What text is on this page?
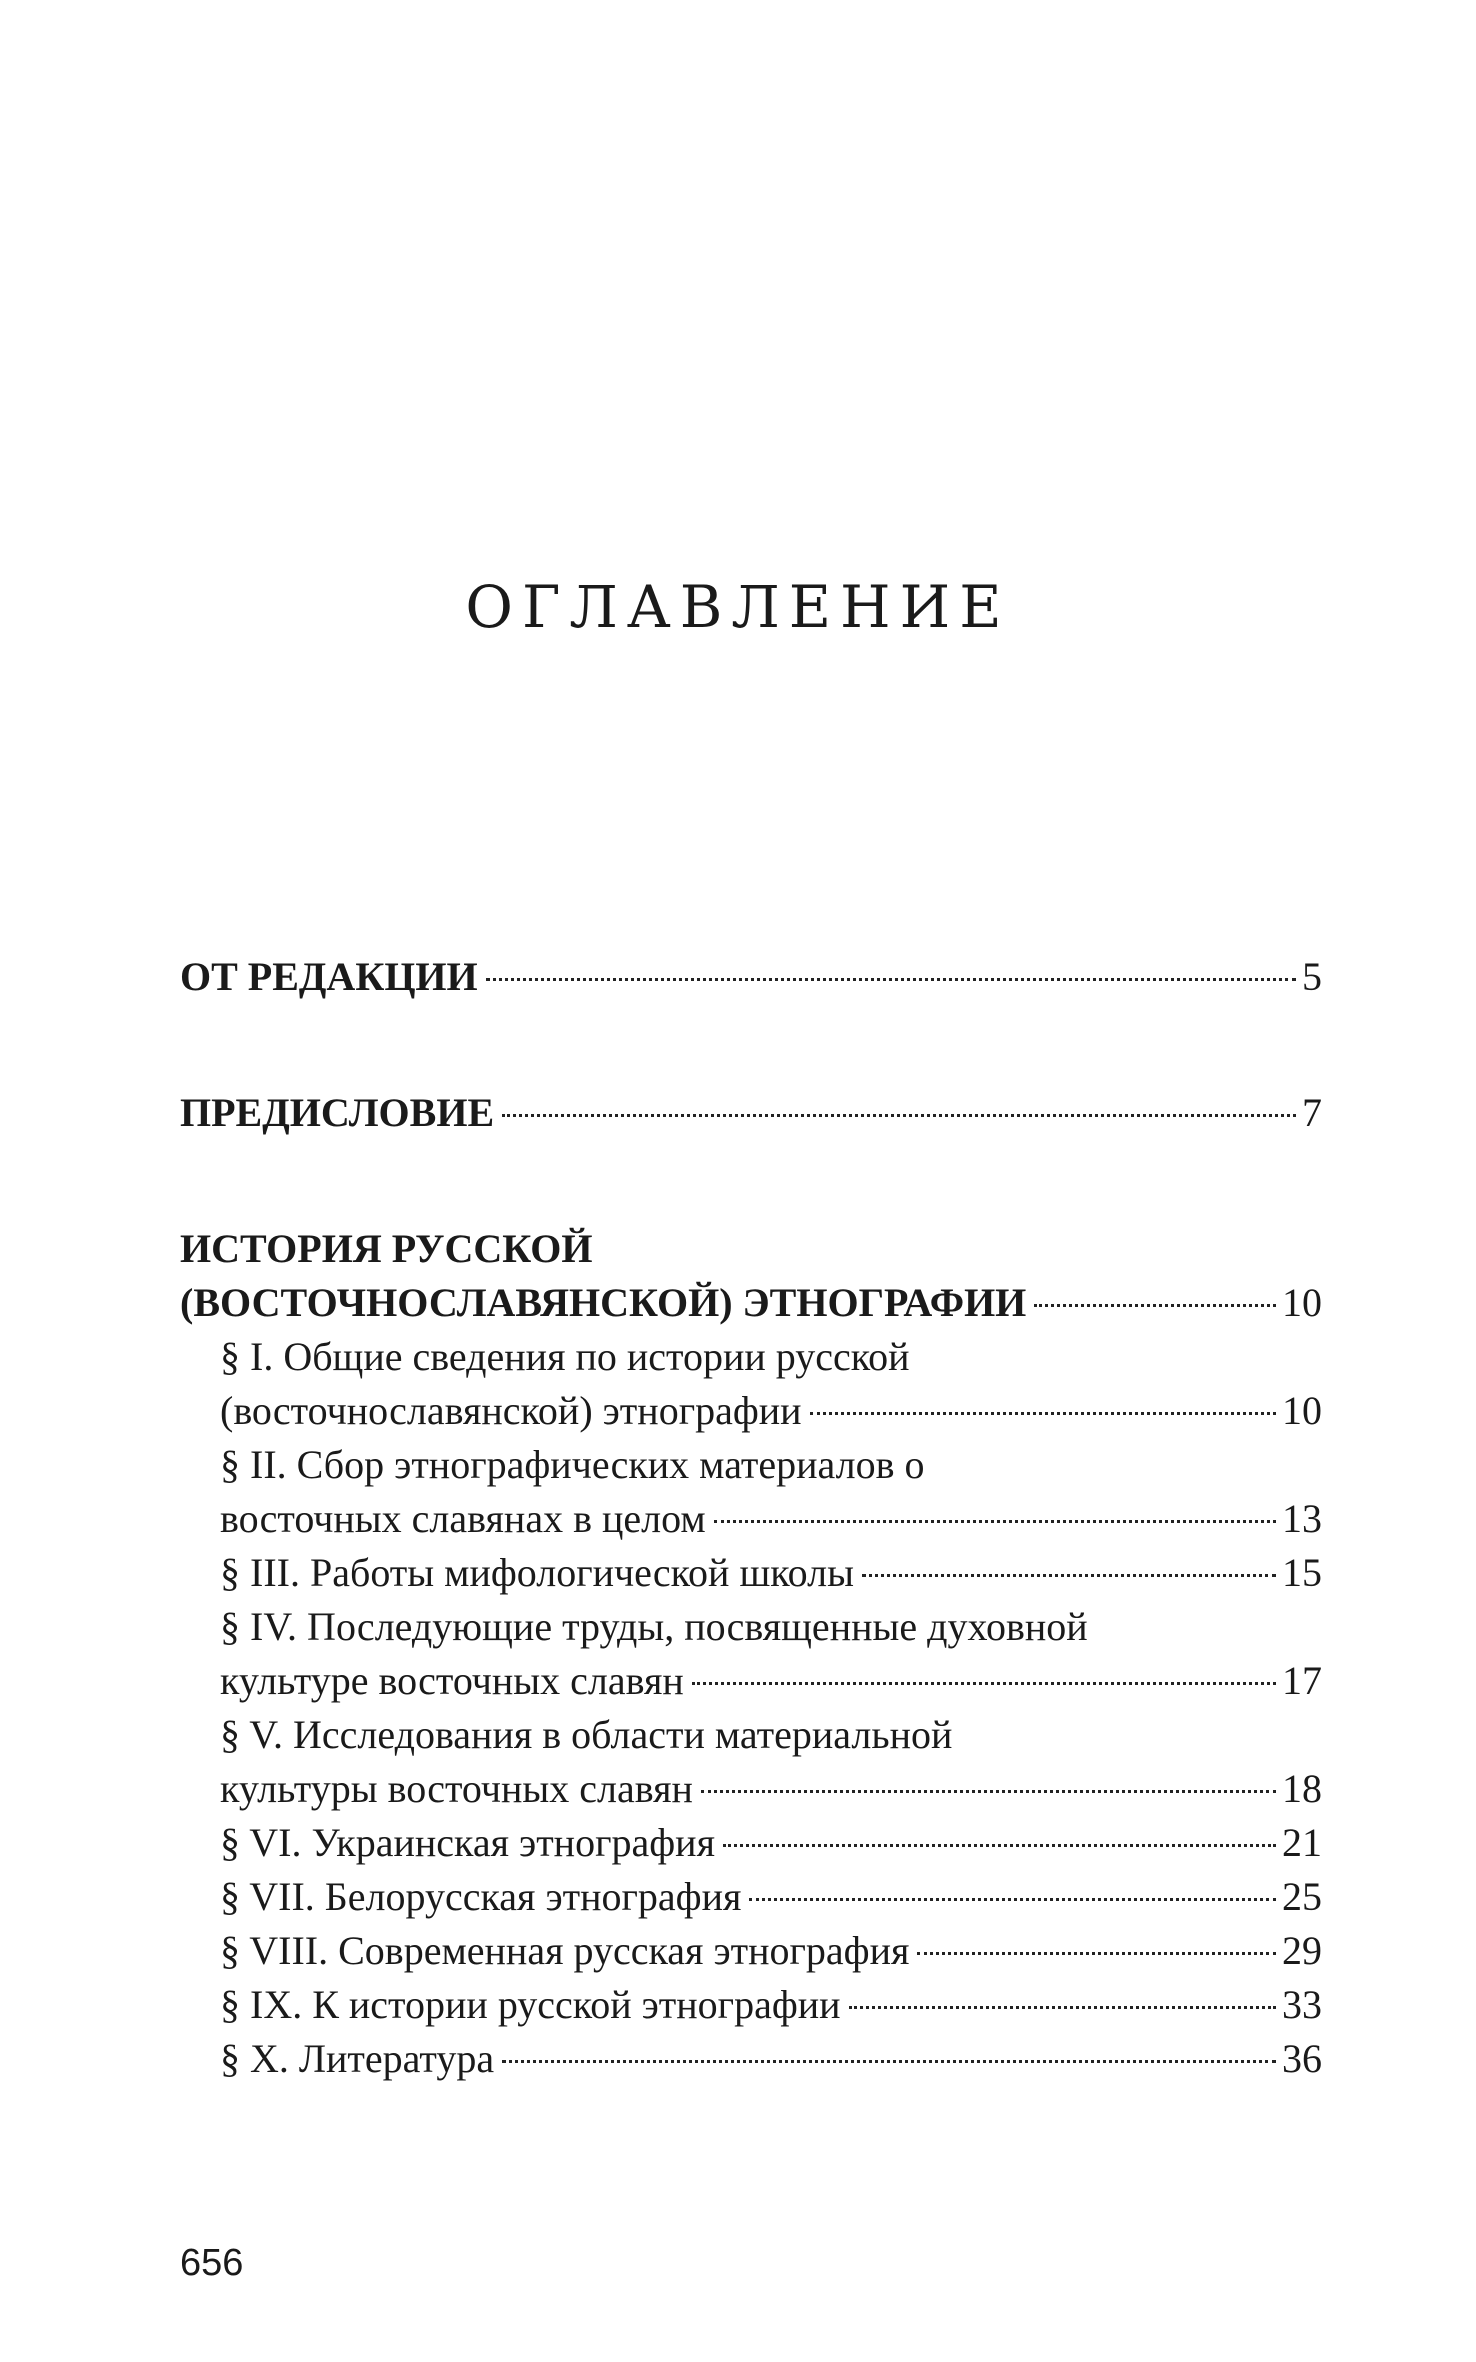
ОГЛАВЛЕНИЕ
ОТ РЕДАКЦИИ	5
ПРЕДИСЛОВИЕ	7
ИСТОРИЯ РУССКОЙ
(ВОСТОЧНОСЛАВЯНСКОЙ) ЭТНОГРАФИИ	10
§ I. Общие сведения по истории русской
(восточнославянской) этнографии	10
§ II. Сбор этнографических материалов о
восточных славянах в целом	13
§ III. Работы мифологической школы	15
§ IV. Последующие труды, посвященные духовной
культуре восточных славян	17
§ V. Исследования в области материальной
культуры восточных славян	18
§ VI. Украинская этнография	21
§ VII. Белорусская этнография	25
§ VIII. Современная русская этнография	29
§ IX. К истории русской этнографии	33
§ X. Литература	36
656
